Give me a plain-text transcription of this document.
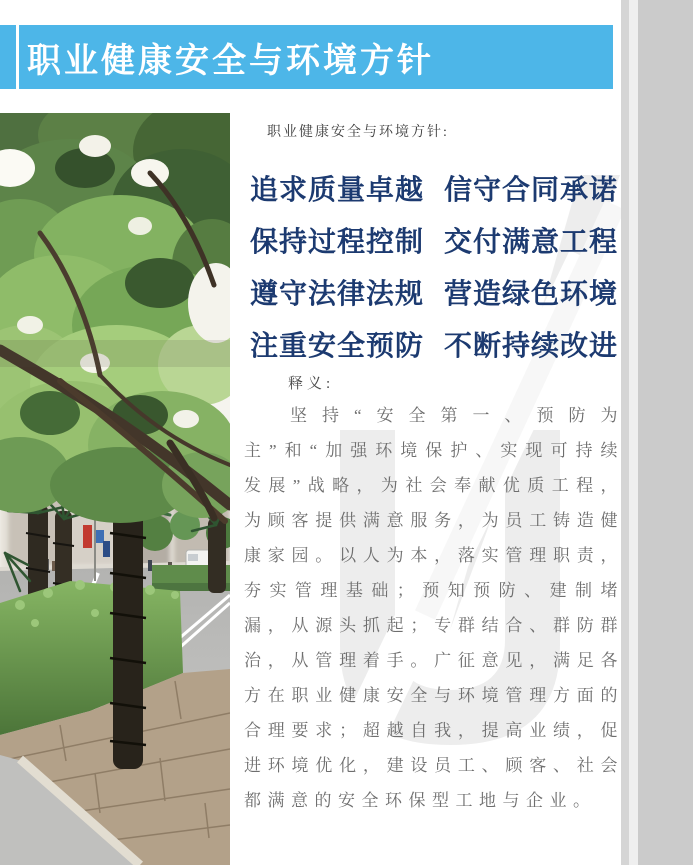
职业健康安全与环境方针
职业健康安全与环境方针:
追求质量卓越 信守合同承诺
保持过程控制 交付满意工程
遵守法律法规 营造绿色环境
注重安全预防 不断持续改进
释义:
坚持“安全第一、预防为主”和“加强环境保护、实现可持续发展”战略，为社会奉献优质工程，为顾客提供满意服务，为员工铸造健康家园。以人为本，落实管理职责，夯实管理基础；预知预防、建制堵漏，从源头抓起；专群结合、群防群治，从管理着手。广征意见，满足各方在职业健康安全与环境管理方面的合理要求；超越自我，提高业绩，促进环境优化，建设员工、顾客、社会都满意的安全环保型工地与企业。
